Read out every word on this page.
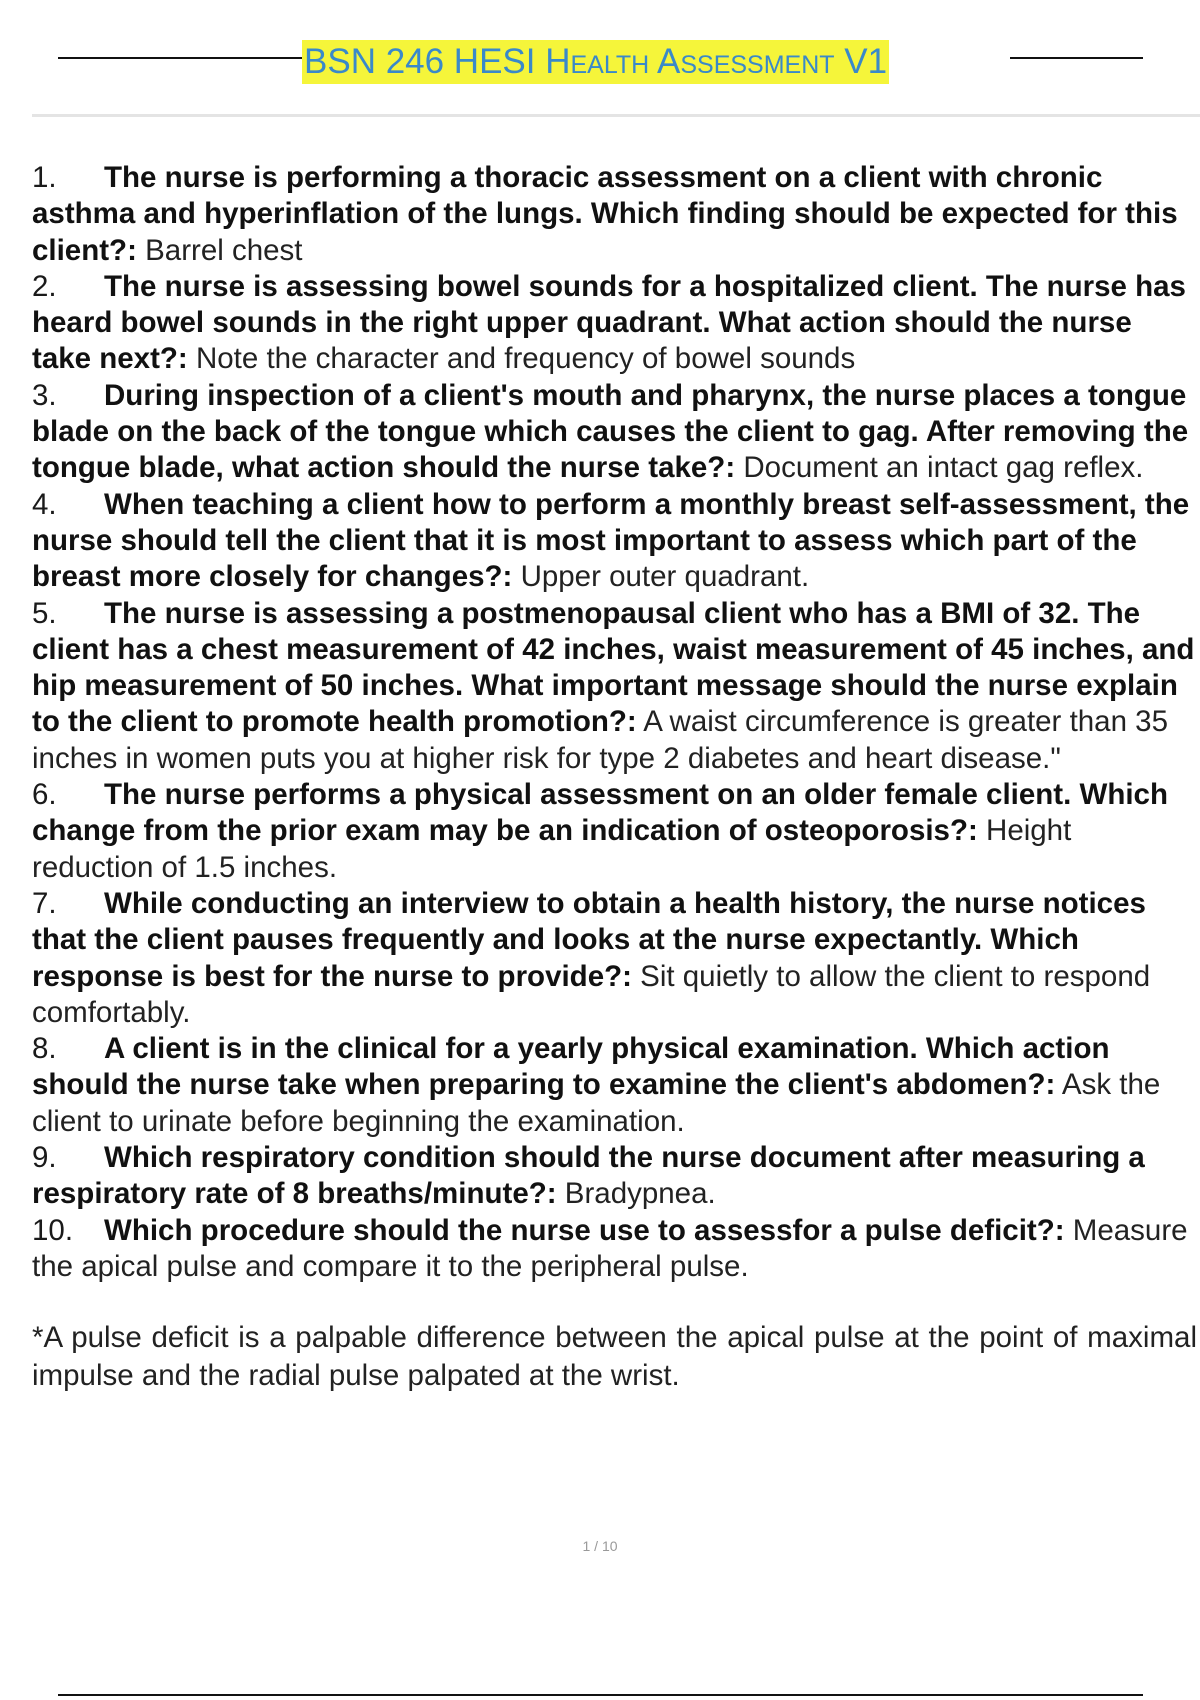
BSN 246 HESI Health Assessment V1

1. The nurse is performing a thoracic assessment on a client with chronic asthma and hyperinflation of the lungs. Which finding should be expected for this client?: Barrel chest

2. The nurse is assessing bowel sounds for a hospitalized client. The nurse has heard bowel sounds in the right upper quadrant. What action should the nurse take next?: Note the character and frequency of bowel sounds

3. During inspection of a client's mouth and pharynx, the nurse places a tongue blade on the back of the tongue which causes the client to gag. After removing the tongue blade, what action should the nurse take?: Document an intact gag reflex.

4. When teaching a client how to perform a monthly breast self-assessment, the nurse should tell the client that it is most important to assess which part of the breast more closely for changes?: Upper outer quadrant.

5. The nurse is assessing a postmenopausal client who has a BMI of 32. The client has a chest measurement of 42 inches, waist measurement of 45 inches, and hip measurement of 50 inches. What important message should the nurse explain to the client to promote health promotion?: A waist circumference is greater than 35 inches in women puts you at higher risk for type 2 diabetes and heart disease."

6. The nurse performs a physical assessment on an older female client. Which change from the prior exam may be an indication of osteoporosis?: Height reduction of 1.5 inches.

7. While conducting an interview to obtain a health history, the nurse notices that the client pauses frequently and looks at the nurse expectantly. Which response is best for the nurse to provide?: Sit quietly to allow the client to respond comfortably.

8. A client is in the clinical for a yearly physical examination. Which action should the nurse take when preparing to examine the client's abdomen?: Ask the client to urinate before beginning the examination.

9. Which respiratory condition should the nurse document after measuring a respiratory rate of 8 breaths/minute?: Bradypnea.

10. Which procedure should the nurse use to assessfor a pulse deficit?: Measure the apical pulse and compare it to the peripheral pulse.

*A pulse deficit is a palpable difference between the apical pulse at the point of maximal impulse and the radial pulse palpated at the wrist.

1 / 10
